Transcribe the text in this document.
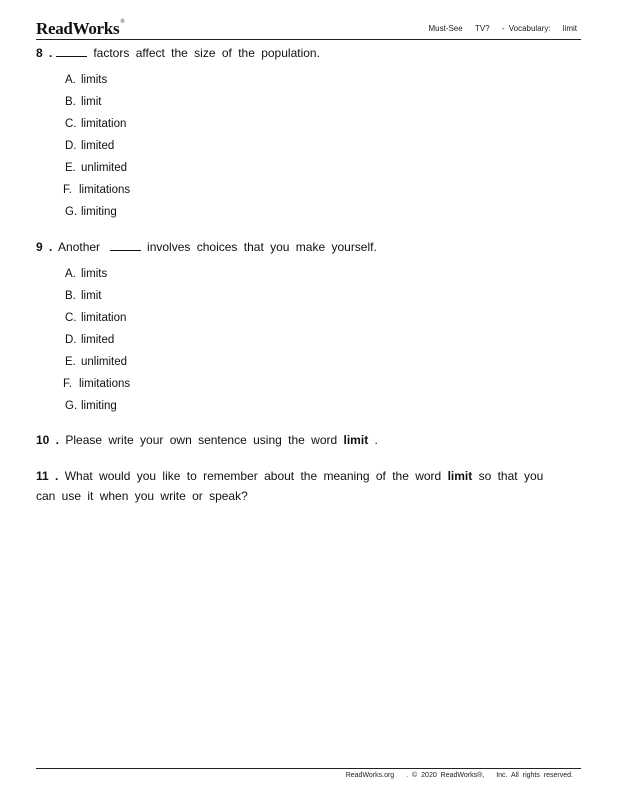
ReadWorks®
Must-See TV? - Vocabulary: limit
8 .	factors affect the size of the population.
A. limits
B. limit
C. limitation
D. limited
E. unlimited
F. limitations
G. limiting
9 . Another	involves choices that you make yourself.
A. limits
B. limit
C. limitation
D. limited
E. unlimited
F. limitations
G. limiting
10 . Please write your own sentence using the word limit .
11 . What would you like to remember about the meaning of the word limit so that you can use it when you write or speak?
ReadWorks.org . © 2020 ReadWorks®, Inc. All rights reserved.
